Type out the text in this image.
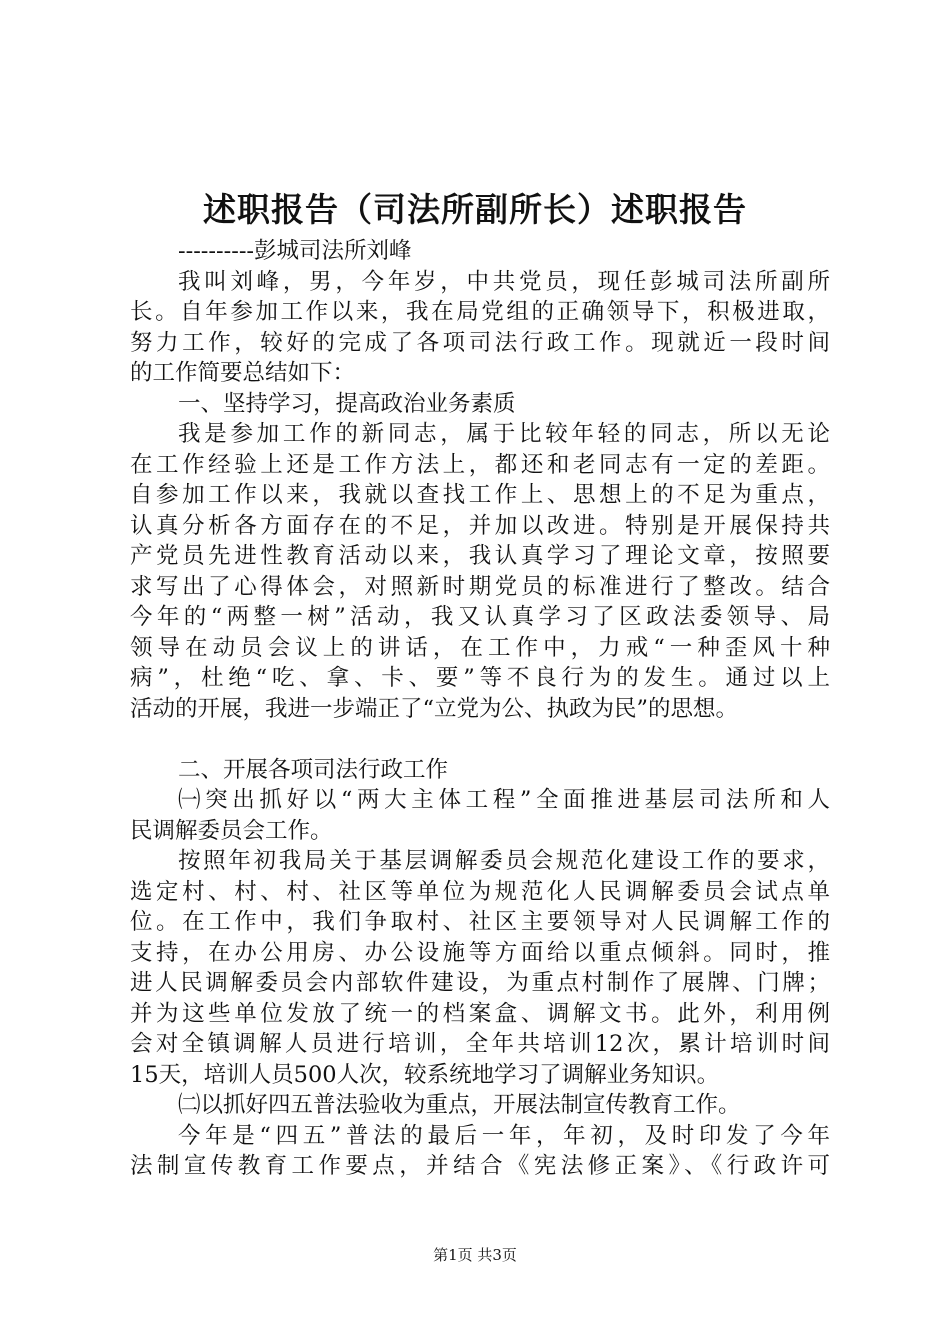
述职报告（司法所副所长）述职报告
----------彭城司法所刘峰
我叫刘峰，男，今年岁，中共党员，现任彭城司法所副所
长。自年参加工作以来，我在局党组的正确领导下，积极进取，
努力工作，较好的完成了各项司法行政工作。现就近一段时间
的工作简要总结如下：
一、坚持学习，提高政治业务素质
我是参加工作的新同志，属于比较年轻的同志，所以无论
在工作经验上还是工作方法上，都还和老同志有一定的差距。
自参加工作以来，我就以查找工作上、思想上的不足为重点，
认真分析各方面存在的不足，并加以改进。特别是开展保持共
产党员先进性教育活动以来，我认真学习了理论文章，按照要
求写出了心得体会，对照新时期党员的标准进行了整改。结合
今年的“两整一树”活动，我又认真学习了区政法委领导、局
领导在动员会议上的讲话，在工作中，力戒“一种歪风十种
病”，杜绝“吃、拿、卡、要”等不良行为的发生。通过以上
活动的开展，我进一步端正了“立党为公、执政为民”的思想。
二、开展各项司法行政工作
㈠突出抓好以“两大主体工程”全面推进基层司法所和人
民调解委员会工作。
按照年初我局关于基层调解委员会规范化建设工作的要求，
选定村、村、村、社区等单位为规范化人民调解委员会试点单
位。在工作中，我们争取村、社区主要领导对人民调解工作的
支持，在办公用房、办公设施等方面给以重点倾斜。同时，推
进人民调解委员会内部软件建设，为重点村制作了展牌、门牌；
并为这些单位发放了统一的档案盒、调解文书。此外，利用例
会对全镇调解人员进行培训，全年共培训12次，累计培训时间
15天，培训人员500人次，较系统地学习了调解业务知识。
㈡以抓好四五普法验收为重点，开展法制宣传教育工作。
今年是“四五”普法的最后一年，年初，及时印发了今年
法制宣传教育工作要点，并结合《宪法修正案》、《行政许可
第1页 共3页
